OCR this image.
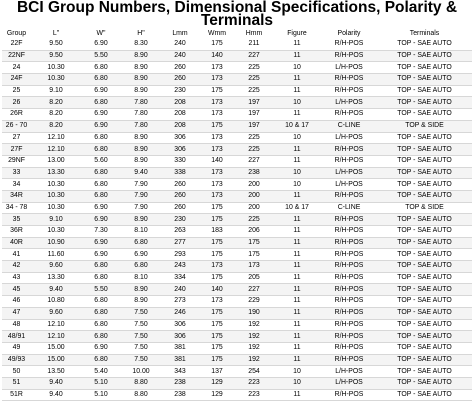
BCI Group Numbers, Dimensional Specifications, Polarity &
Terminals
Group	L"	W"	H"	Lmm	Wmm	Hmm	Figure	Polarity	Terminals
22F	9.50	6.90	8.30	240	175	211	11	R/H-POS	TOP - SAE AUTO
22NF	9.50	5.50	8.90	240	140	227	11	R/H-POS	TOP - SAE AUTO
24	10.30	6.80	8.90	260	173	225	10	L/H-POS	TOP - SAE AUTO
24F	10.30	6.80	8.90	260	173	225	11	R/H-POS	TOP - SAE AUTO
25	9.10	6.90	8.90	230	175	225	11	R/H-POS	TOP - SAE AUTO
26	8.20	6.80	7.80	208	173	197	10	L/H-POS	TOP - SAE AUTO
26R	8.20	6.90	7.80	208	173	197	11	R/H-POS	TOP - SAE AUTO
26 - 70	8.20	6.90	7.80	208	175	197	10 & 17	C-LINE	TOP & SIDE
27	12.10	6.80	8.90	306	173	225	10	L/H-POS	TOP - SAE AUTO
27F	12.10	6.80	8.90	306	173	225	11	R/H-POS	TOP - SAE AUTO
29NF	13.00	5.60	8.90	330	140	227	11	R/H-POS	TOP - SAE AUTO
33	13.30	6.80	9.40	338	173	238	10	L/H-POS	TOP - SAE AUTO
34	10.30	6.80	7.90	260	173	200	10	L/H-POS	TOP - SAE AUTO
34R	10.30	6.80	7.90	260	173	200	11	R/H-POS	TOP - SAE AUTO
34 - 78	10.30	6.90	7.90	260	175	200	10 & 17	C-LINE	TOP & SIDE
35	9.10	6.90	8.90	230	175	225	11	R/H-POS	TOP - SAE AUTO
36R	10.30	7.30	8.10	263	183	206	11	R/H-POS	TOP - SAE AUTO
40R	10.90	6.90	6.80	277	175	175	11	R/H-POS	TOP - SAE AUTO
41	11.60	6.90	6.90	293	175	175	11	R/H-POS	TOP - SAE AUTO
42	9.60	6.80	6.80	243	173	173	11	R/H-POS	TOP - SAE AUTO
43	13.30	6.80	8.10	334	175	205	11	R/H-POS	TOP - SAE AUTO
45	9.40	5.50	8.90	240	140	227	11	R/H-POS	TOP - SAE AUTO
46	10.80	6.80	8.90	273	173	229	11	R/H-POS	TOP - SAE AUTO
47	9.60	6.80	7.50	246	175	190	11	R/H-POS	TOP - SAE AUTO
48	12.10	6.80	7.50	306	175	192	11	R/H-POS	TOP - SAE AUTO
48/91	12.10	6.80	7.50	306	175	192	11	R/H-POS	TOP - SAE AUTO
49	15.00	6.90	7.50	381	175	192	11	R/H-POS	TOP - SAE AUTO
49/93	15.00	6.80	7.50	381	175	192	11	R/H-POS	TOP - SAE AUTO
50	13.50	5.40	10.00	343	137	254	10	L/H-POS	TOP - SAE AUTO
51	9.40	5.10	8.80	238	129	223	10	L/H-POS	TOP - SAE AUTO
51R	9.40	5.10	8.80	238	129	223	11	R/H-POS	TOP - SAE AUTO
